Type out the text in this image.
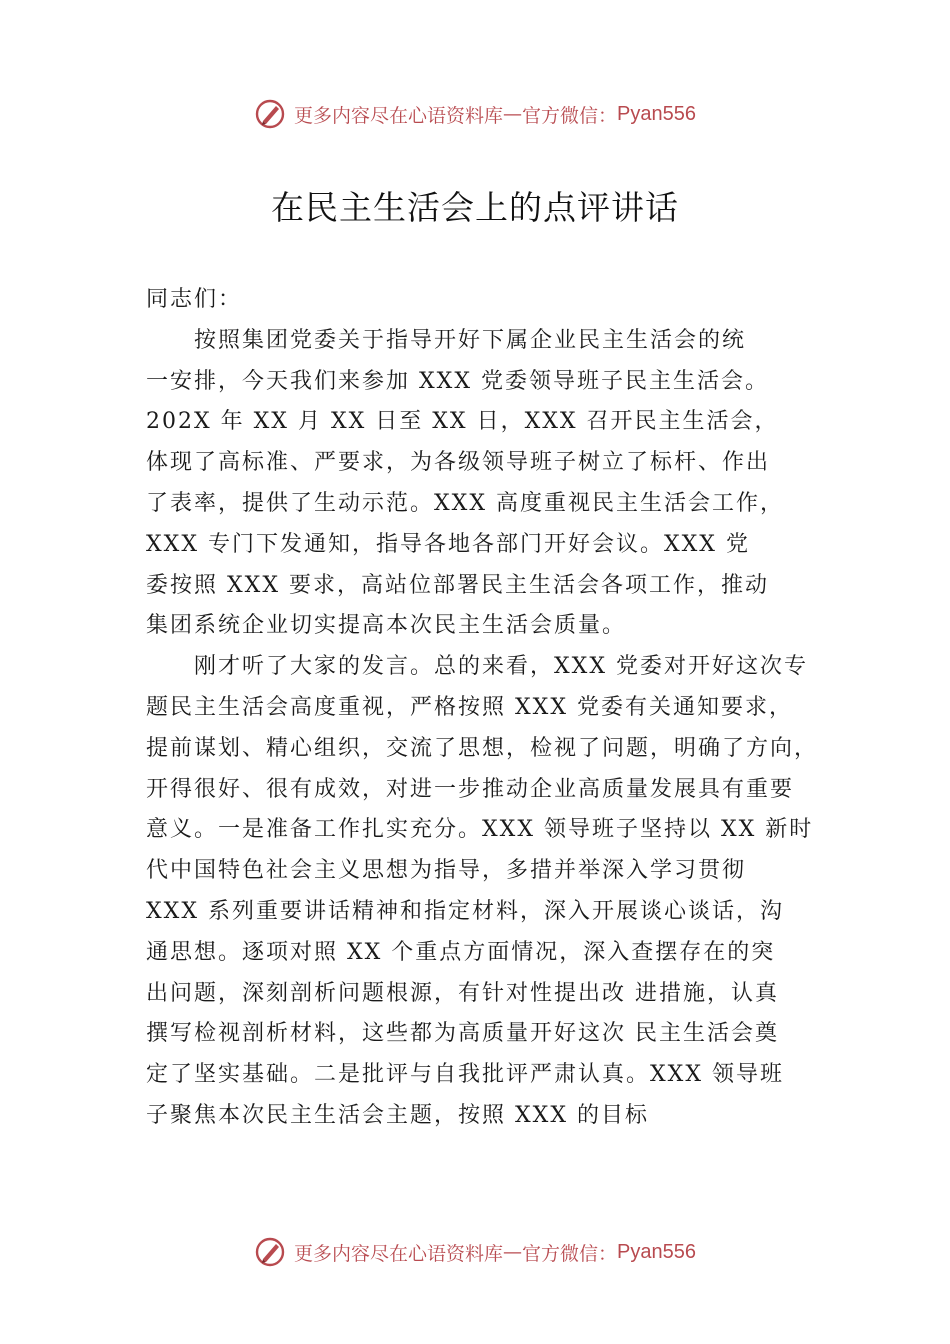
更多内容尽在心语资料库 — 官方微信： Pyan556
在民主生活会上的点评讲话
同志们：
按照集团党委关于指导开好下属企业民主生活会的统
一安排，今天我们来参加 XXX 党委领导班子民主生活会。
202X 年 XX 月 XX 日至 XX 日，XXX 召开民主生活会，
体现了高标准、严要求，为各级领导班子树立了标杆、作出
了表率，提供了生动示范。XXX 高度重视民主生活会工作，
XXX 专门下发通知，指导各地各部门开好会议。XXX 党
委按照 XXX 要求，高站位部署民主生活会各项工作，推动
集团系统企业切实提高本次民主生活会质量。
刚才听了大家的发言。总的来看，XXX 党委对开好这次专
题民主生活会高度重视，严格按照 XXX 党委有关通知要求，
提前谋划、精心组织，交流了思想，检视了问题，明确了方向，
开得很好、很有成效，对进一步推动企业高质量发展具有重要
意义。一是准备工作扎实充分。XXX 领导班子坚持以 XX 新时
代中国特色社会主义思想为指导，多措并举深入学习贯彻
XXX 系列重要讲话精神和指定材料，深入开展谈心谈话，沟
通思想。逐项对照 XX 个重点方面情况，深入查摆存在的突
出问题，深刻剖析问题根源，有针对性提出改 进措施，认真
撰写检视剖析材料，这些都为高质量开好这次 民主生活会奠
定了坚实基础。二是批评与自我批评严肃认真。XXX 领导班
子聚焦本次民主生活会主题，按照 XXX 的目标
更多内容尽在心语资料库 — 官方微信： Pyan556
